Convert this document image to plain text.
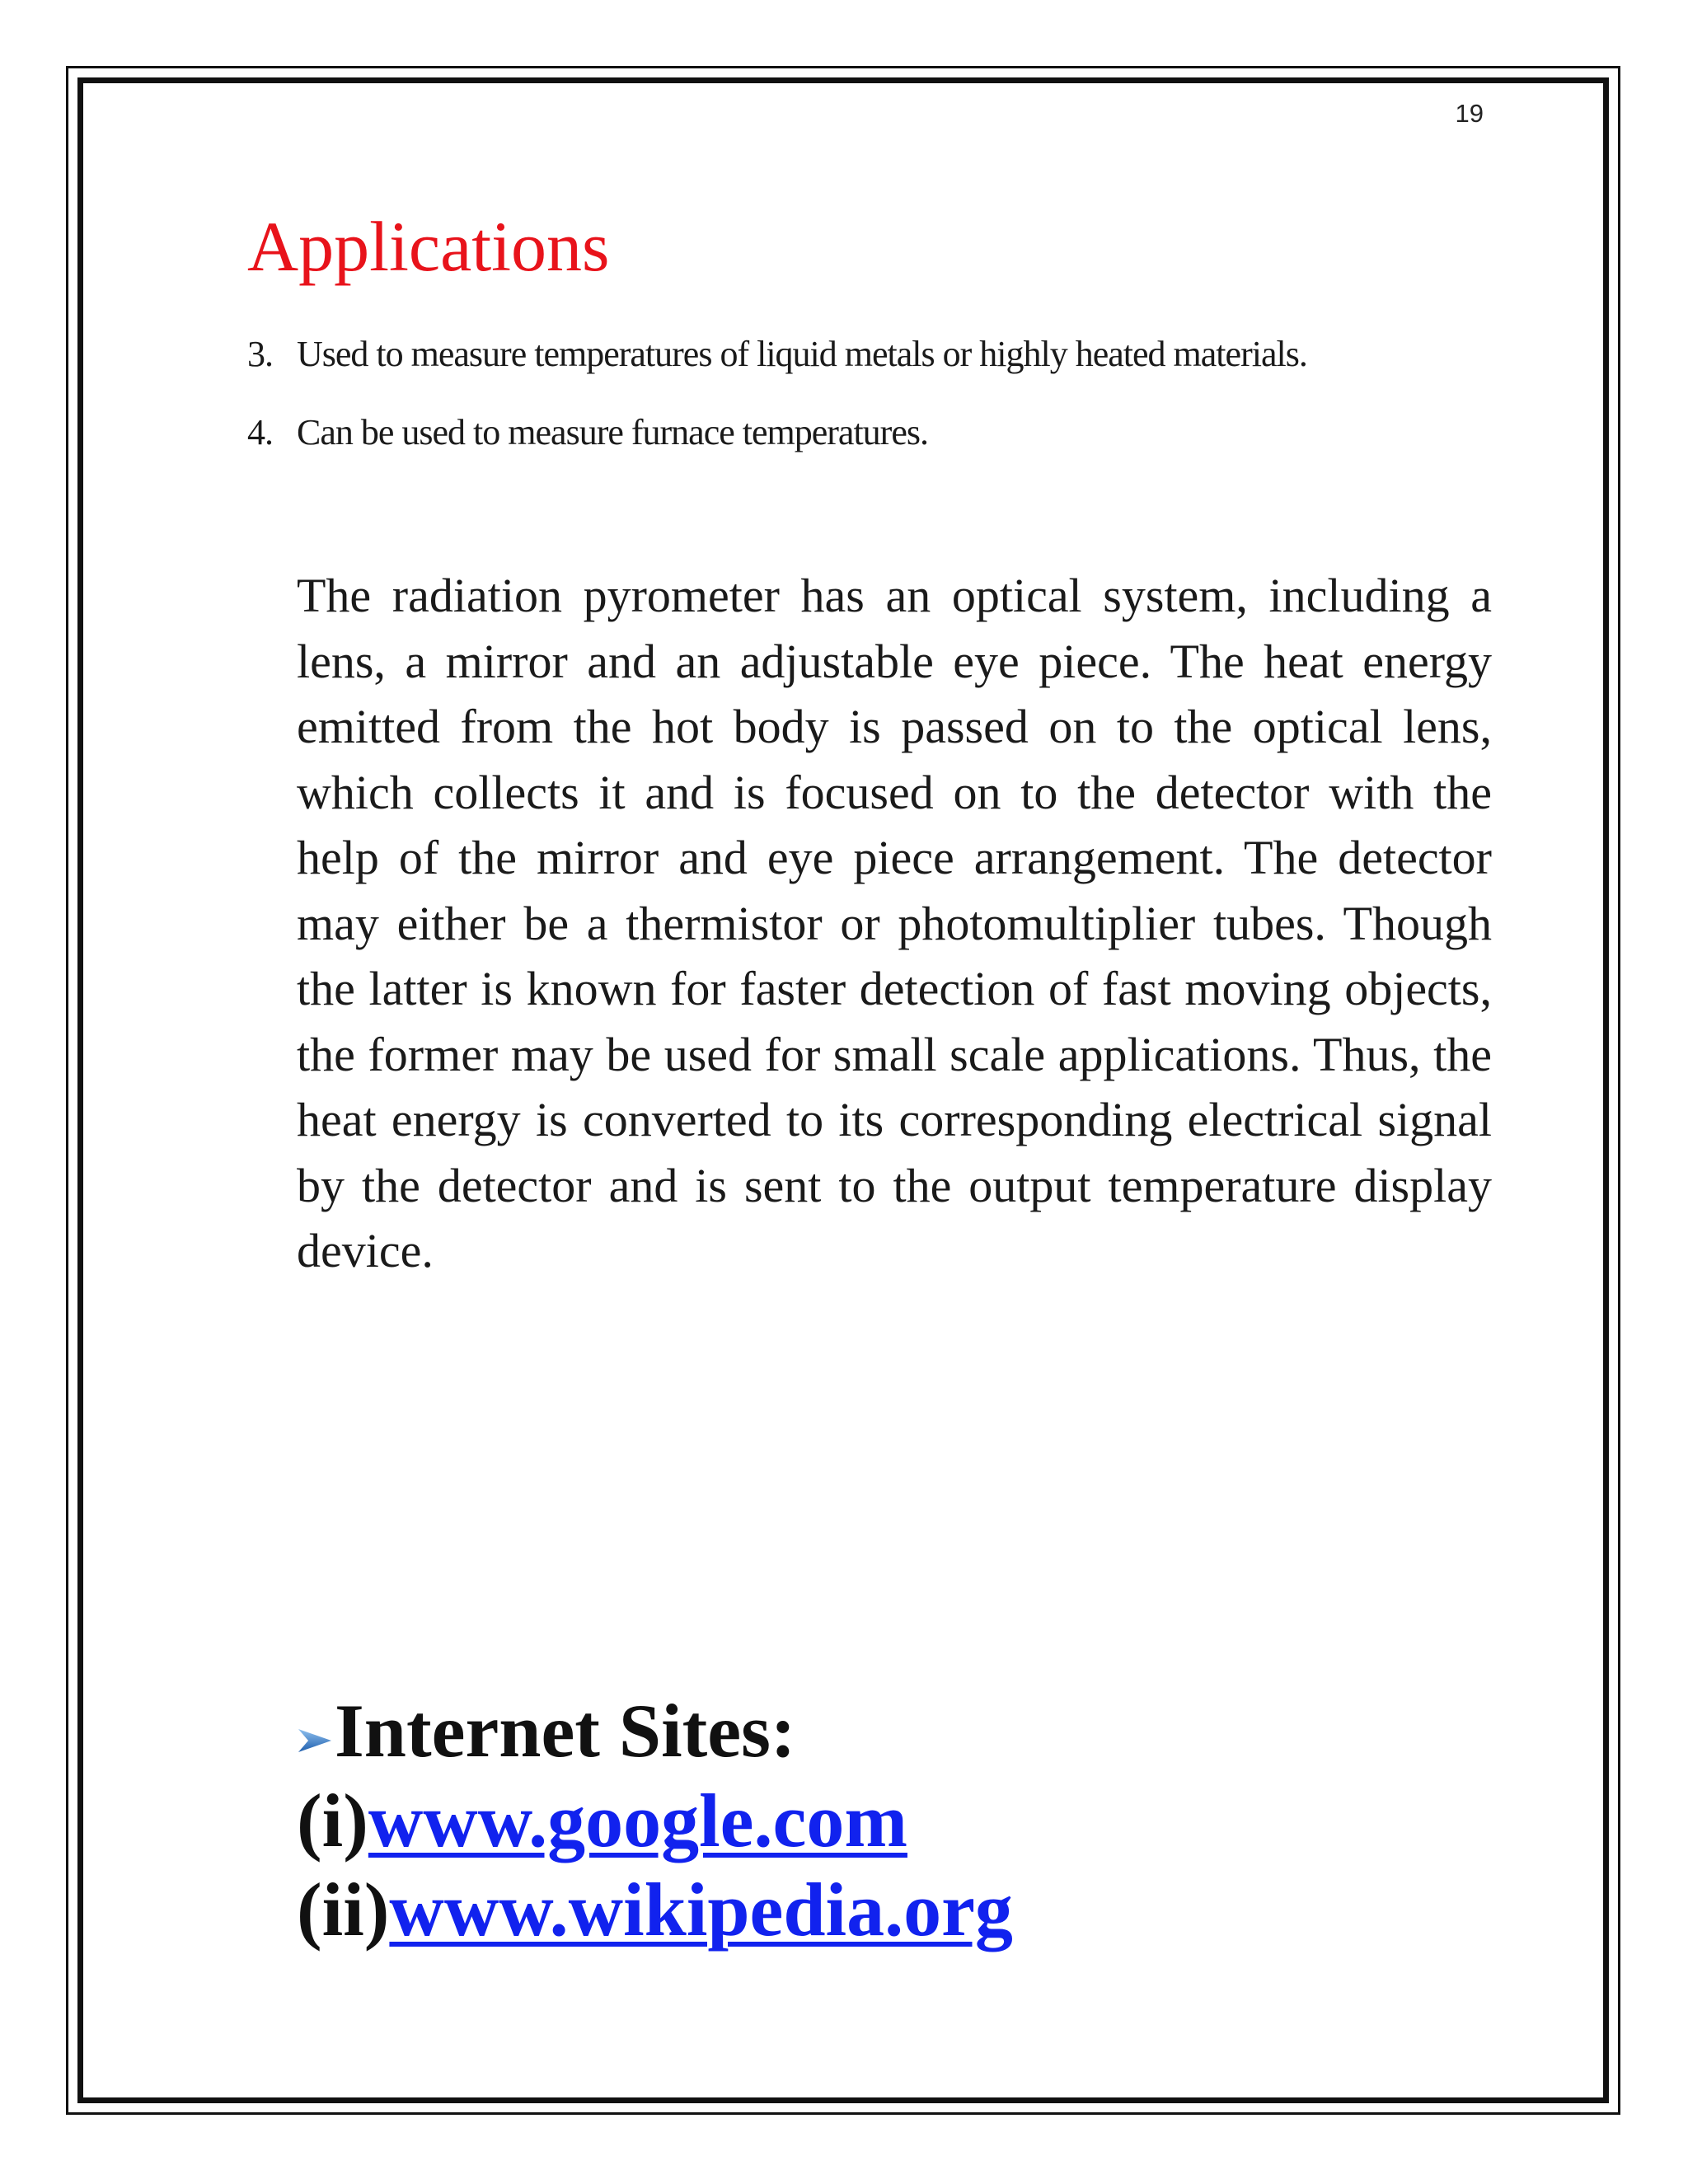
19
Applications
3. Used to measure temperatures of liquid metals or highly heated materials.
4. Can be used to measure furnace temperatures.

The radiation pyrometer has an optical system, including a lens, a mirror and an adjustable eye piece. The heat energy emitted from the hot body is passed on to the optical lens, which collects it and is focused on to the detector with the help of the mirror and eye piece arrangement. The detector may either be a thermistor or photomultiplier tubes. Though the latter is known for faster detection of fast moving objects, the former may be used for small scale applications. Thus, the heat energy is converted to its corresponding electrical signal by the detector and is sent to the output temperature display device.

Internet Sites:
(i)www.google.com
(ii)www.wikipedia.org
